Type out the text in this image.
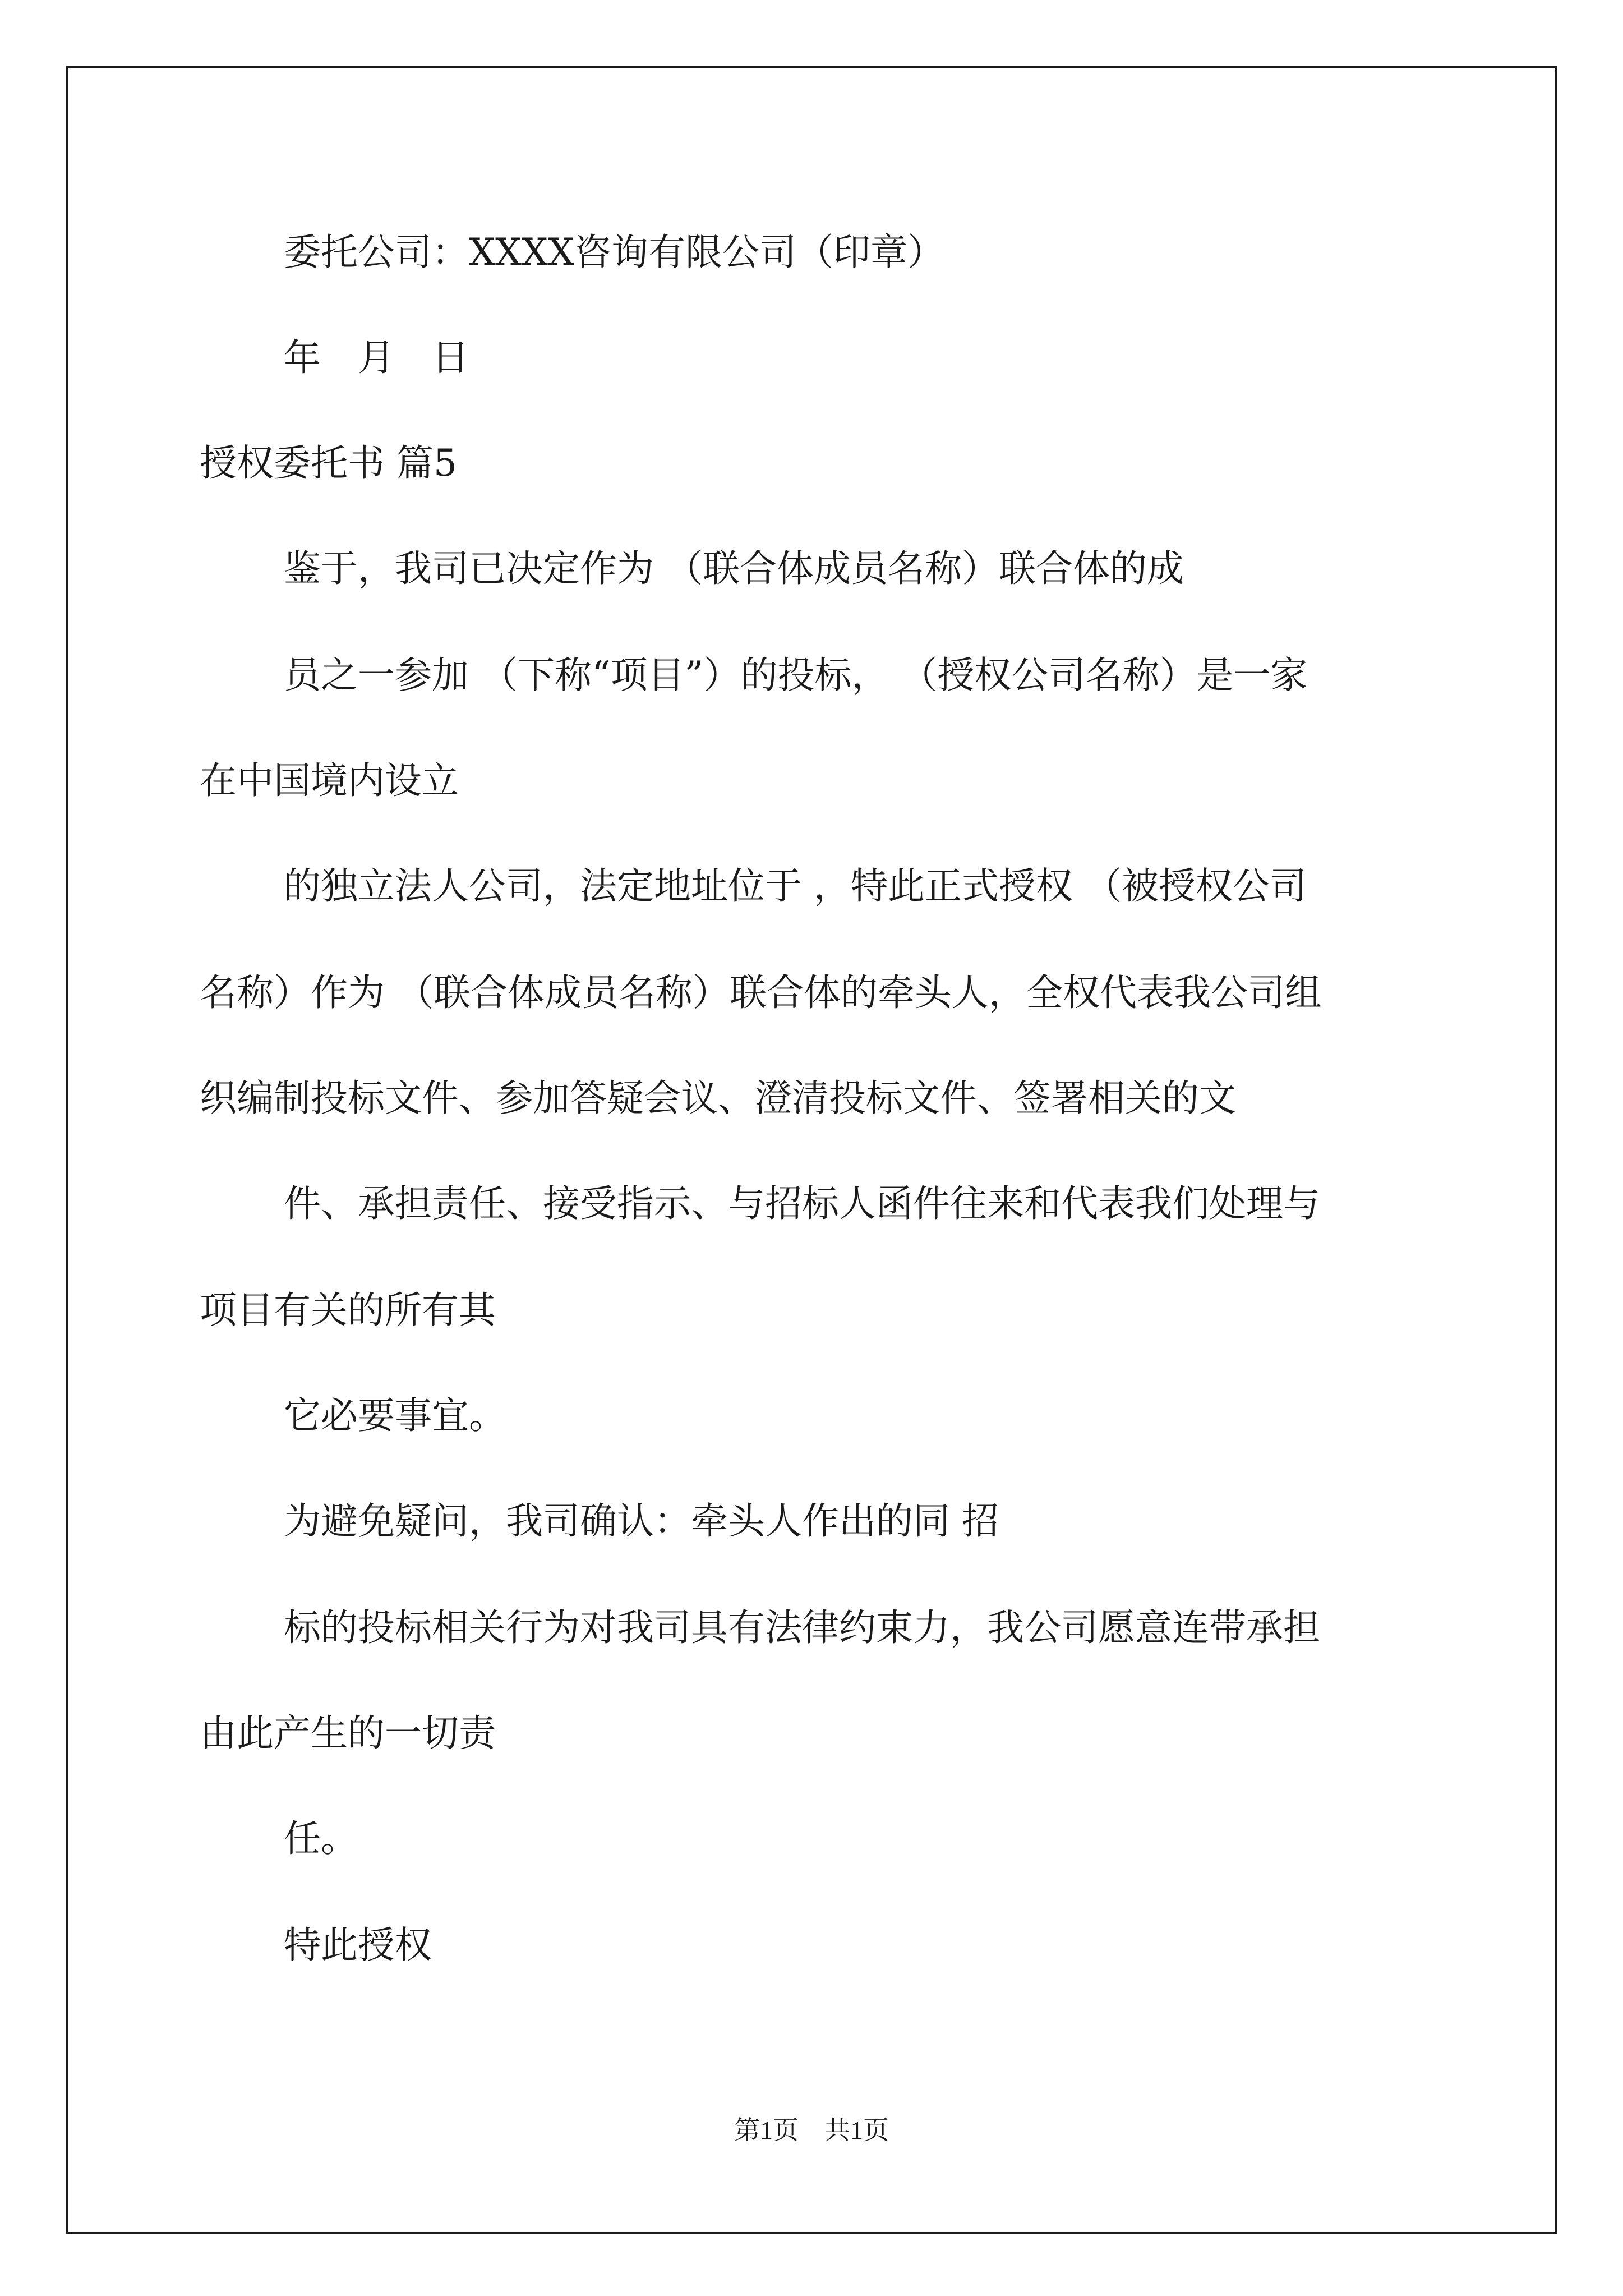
委托公司：XXXX咨询有限公司（印章）

年　月　日

授权委托书 篇5

鉴于，我司已决定作为 （联合体成员名称）联合体的成

员之一参加 （下称“项目”）的投标， （授权公司名称）是一家

在中国境内设立

的独立法人公司，法定地址位于 ，特此正式授权 （被授权公司

名称）作为 （联合体成员名称）联合体的牵头人，全权代表我公司组

织编制投标文件、参加答疑会议、澄清投标文件、签署相关的文

件、承担责任、接受指示、与招标人函件往来和代表我们处理与

项目有关的所有其

它必要事宜。

为避免疑问，我司确认：牵头人作出的同 招

标的投标相关行为对我司具有法律约束力，我公司愿意连带承担

由此产生的一切责

任。

特此授权

第1页　共1页
